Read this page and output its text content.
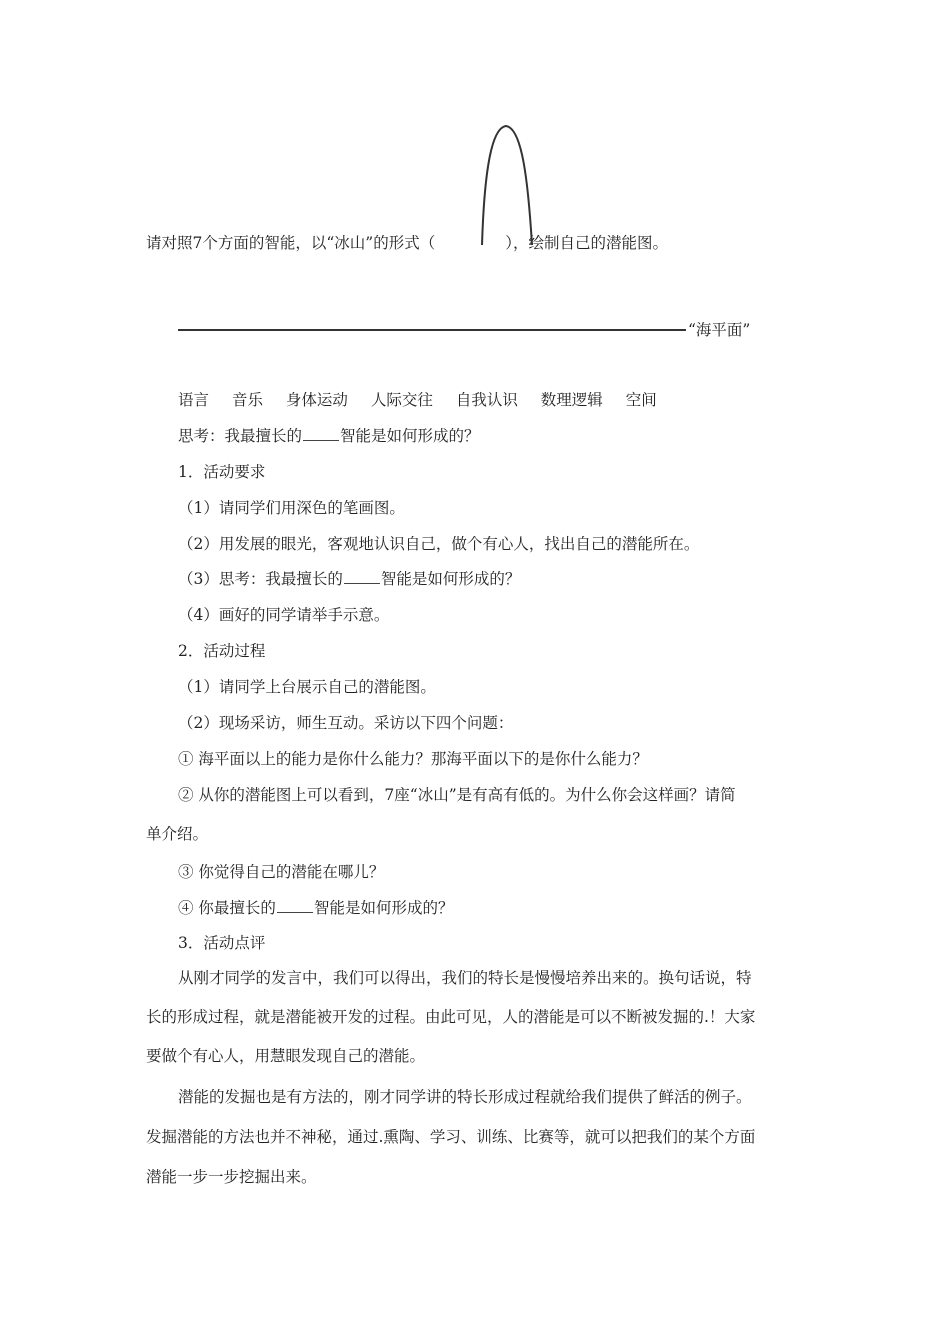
请对照7个方面的智能，以“冰山”的形式（	），绘制自己的潜能图。
“海平面”
语言 音乐 身体运动 人际交往 自我认识 数理逻辑 空间
思考：我最擅长的 智能是如何形成的？
1．活动要求
（1）请同学们用深色的笔画图。
（2）用发展的眼光，客观地认识自己，做个有心人，找出自己的潜能所在。
（3）思考：我最擅长的 智能是如何形成的？
（4）画好的同学请举手示意。
2．活动过程
（1）请同学上台展示自己的潜能图。
（2）现场采访，师生互动。采访以下四个问题：
① 海平面以上的能力是你什么能力？那海平面以下的是你什么能力？
② 从你的潜能图上可以看到，7座“冰山”是有高有低的。为什么你会这样画？请简
单介绍。
③ 你觉得自己的潜能在哪儿？
④ 你最擅长的 智能是如何形成的？
3．活动点评
从刚才同学的发言中，我们可以得出，我们的特长是慢慢培养出来的。换句话说，特
长的形成过程，就是潜能被开发的过程。由此可见，人的潜能是可以不断被发掘的.！大家
要做个有心人，用慧眼发现自己的潜能。
潜能的发掘也是有方法的，刚才同学讲的特长形成过程就给我们提供了鲜活的例子。
发掘潜能的方法也并不神秘，通过.熏陶、学习、训练、比赛等，就可以把我们的某个方面
潜能一步一步挖掘出来。
